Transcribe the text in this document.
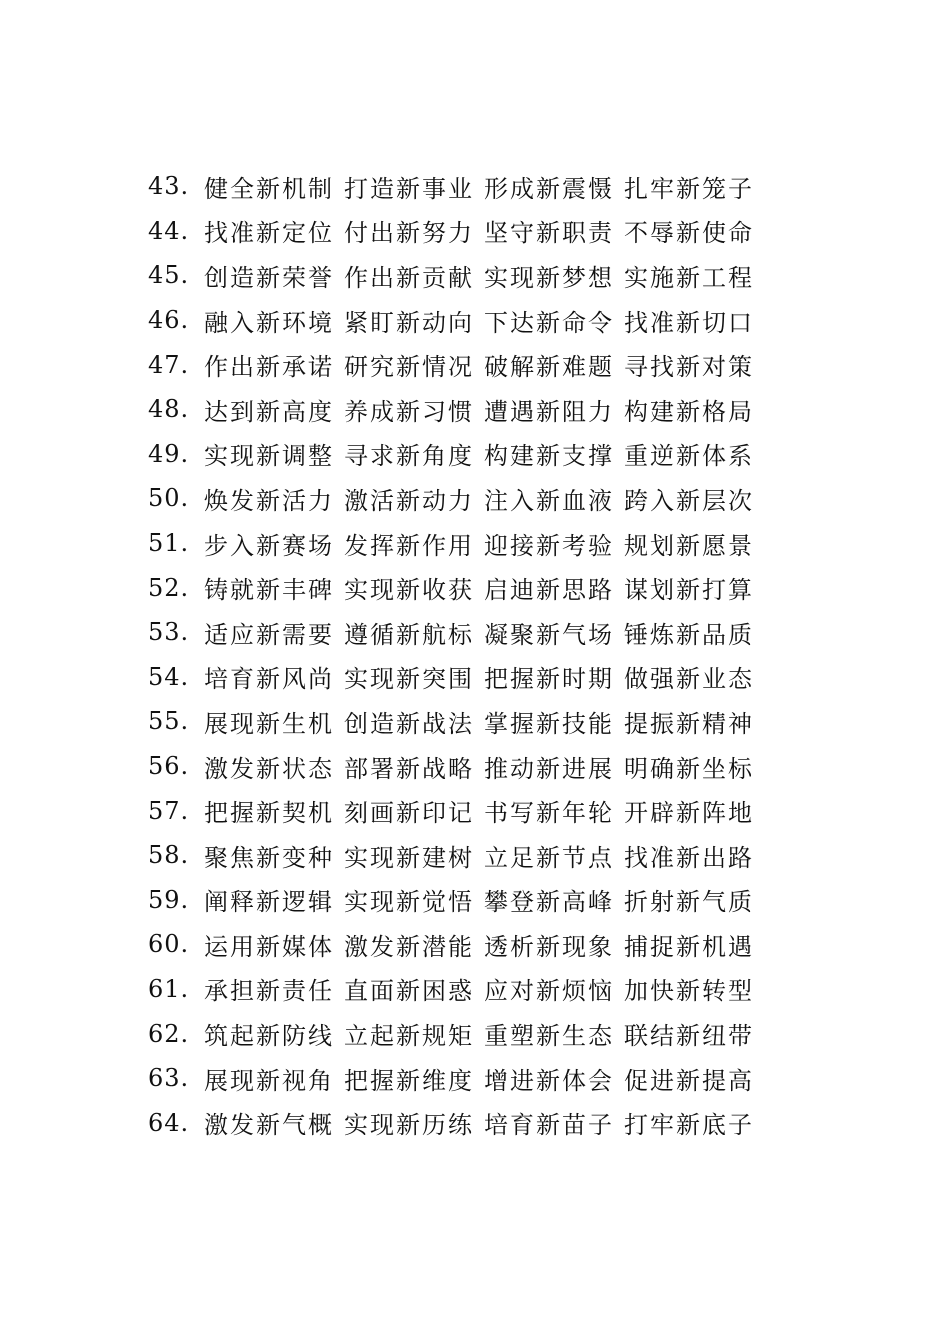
43. 健全新机制 打造新事业 形成新震慑 扎牢新笼子
44. 找准新定位 付出新努力 坚守新职责 不辱新使命
45. 创造新荣誉 作出新贡献 实现新梦想 实施新工程
46. 融入新环境 紧盯新动向 下达新命令 找准新切口
47. 作出新承诺 研究新情况 破解新难题 寻找新对策
48. 达到新高度 养成新习惯 遭遇新阻力 构建新格局
49. 实现新调整 寻求新角度 构建新支撑 重逆新体系
50. 焕发新活力 激活新动力 注入新血液 跨入新层次
51. 步入新赛场 发挥新作用 迎接新考验 规划新愿景
52. 铸就新丰碑 实现新收获 启迪新思路 谋划新打算
53. 适应新需要 遵循新航标 凝聚新气场 锤炼新品质
54. 培育新风尚 实现新突围 把握新时期 做强新业态
55. 展现新生机 创造新战法 掌握新技能 提振新精神
56. 激发新状态 部署新战略 推动新进展 明确新坐标
57. 把握新契机 刻画新印记 书写新年轮 开辟新阵地
58. 聚焦新变种 实现新建树 立足新节点 找准新出路
59. 阐释新逻辑 实现新觉悟 攀登新高峰 折射新气质
60. 运用新媒体 激发新潜能 透析新现象 捕捉新机遇
61. 承担新责任 直面新困惑 应对新烦恼 加快新转型
62. 筑起新防线 立起新规矩 重塑新生态 联结新纽带
63. 展现新视角 把握新维度 增进新体会 促进新提高
64. 激发新气概 实现新历练 培育新苗子 打牢新底子
